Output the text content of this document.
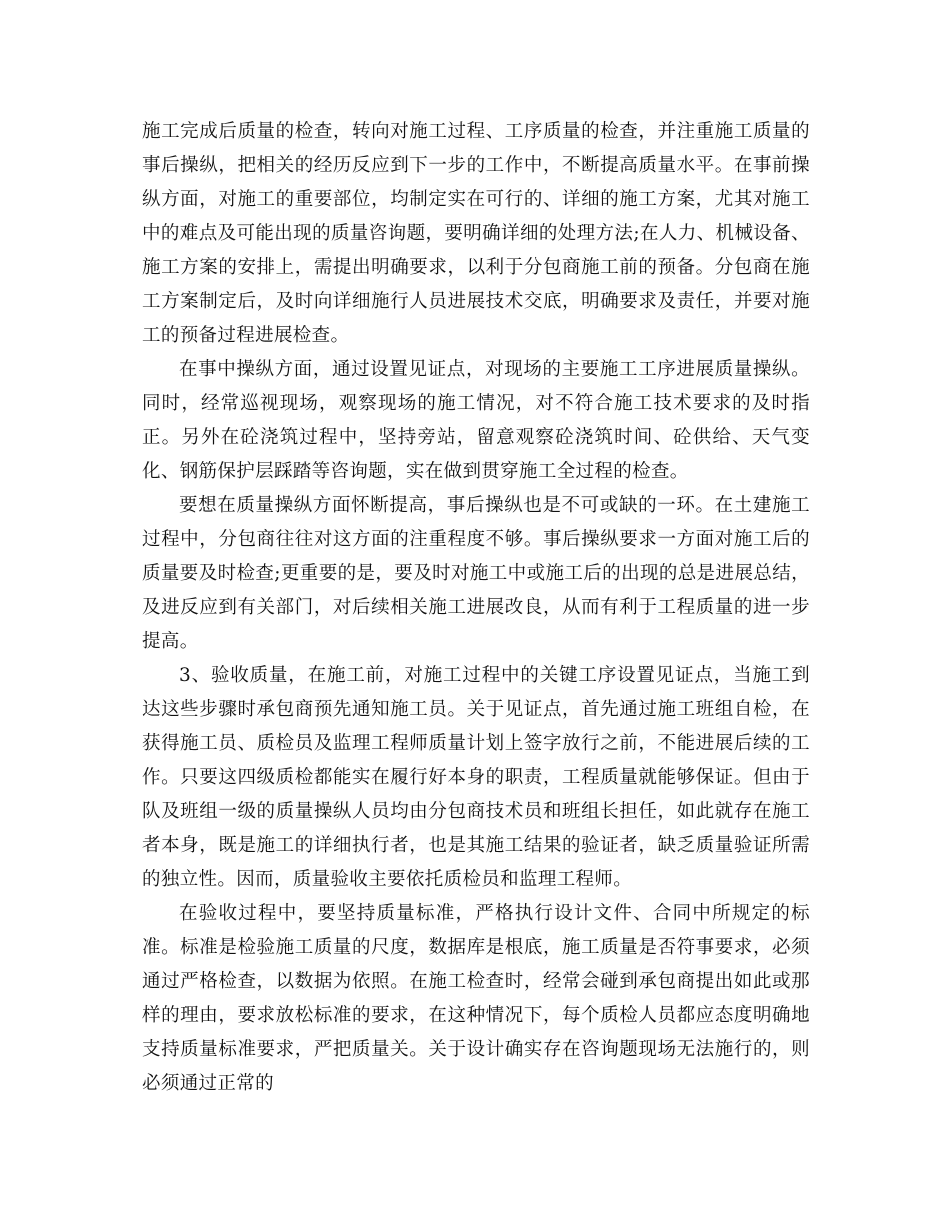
施工完成后质量的检查，转向对施工过程、工序质量的检查，并注重施工质量的事后操纵，把相关的经历反应到下一步的工作中，不断提高质量水平。在事前操纵方面，对施工的重要部位，均制定实在可行的、详细的施工方案，尤其对施工中的难点及可能出现的质量咨询题，要明确详细的处理方法;在人力、机械设备、施工方案的安排上，需提出明确要求，以利于分包商施工前的预备。分包商在施工方案制定后，及时向详细施行人员进展技术交底，明确要求及责任，并要对施工的预备过程进展检查。

在事中操纵方面，通过设置见证点，对现场的主要施工工序进展质量操纵。同时，经常巡视现场，观察现场的施工情况，对不符合施工技术要求的及时指正。另外在砼浇筑过程中，坚持旁站，留意观察砼浇筑时间、砼供给、天气变化、钢筋保护层踩踏等咨询题，实在做到贯穿施工全过程的检查。

要想在质量操纵方面怀断提高，事后操纵也是不可或缺的一环。在土建施工过程中，分包商往往对这方面的注重程度不够。事后操纵要求一方面对施工后的质量要及时检查;更重要的是，要及时对施工中或施工后的出现的总是进展总结，及进反应到有关部门，对后续相关施工进展改良，从而有利于工程质量的进一步提高。

3、验收质量，在施工前，对施工过程中的关键工序设置见证点，当施工到达这些步骤时承包商预先通知施工员。关于见证点，首先通过施工班组自检，在获得施工员、质检员及监理工程师质量计划上签字放行之前，不能进展后续的工作。只要这四级质检都能实在履行好本身的职责，工程质量就能够保证。但由于队及班组一级的质量操纵人员均由分包商技术员和班组长担任，如此就存在施工者本身，既是施工的详细执行者，也是其施工结果的验证者，缺乏质量验证所需的独立性。因而，质量验收主要依托质检员和监理工程师。

在验收过程中，要坚持质量标准，严格执行设计文件、合同中所规定的标准。标准是检验施工质量的尺度，数据库是根底，施工质量是否符事要求，必须通过严格检查，以数据为依照。在施工检查时，经常会碰到承包商提出如此或那样的理由，要求放松标准的要求，在这种情况下，每个质检人员都应态度明确地支持质量标准要求，严把质量关。关于设计确实存在咨询题现场无法施行的，则必须通过正常的
